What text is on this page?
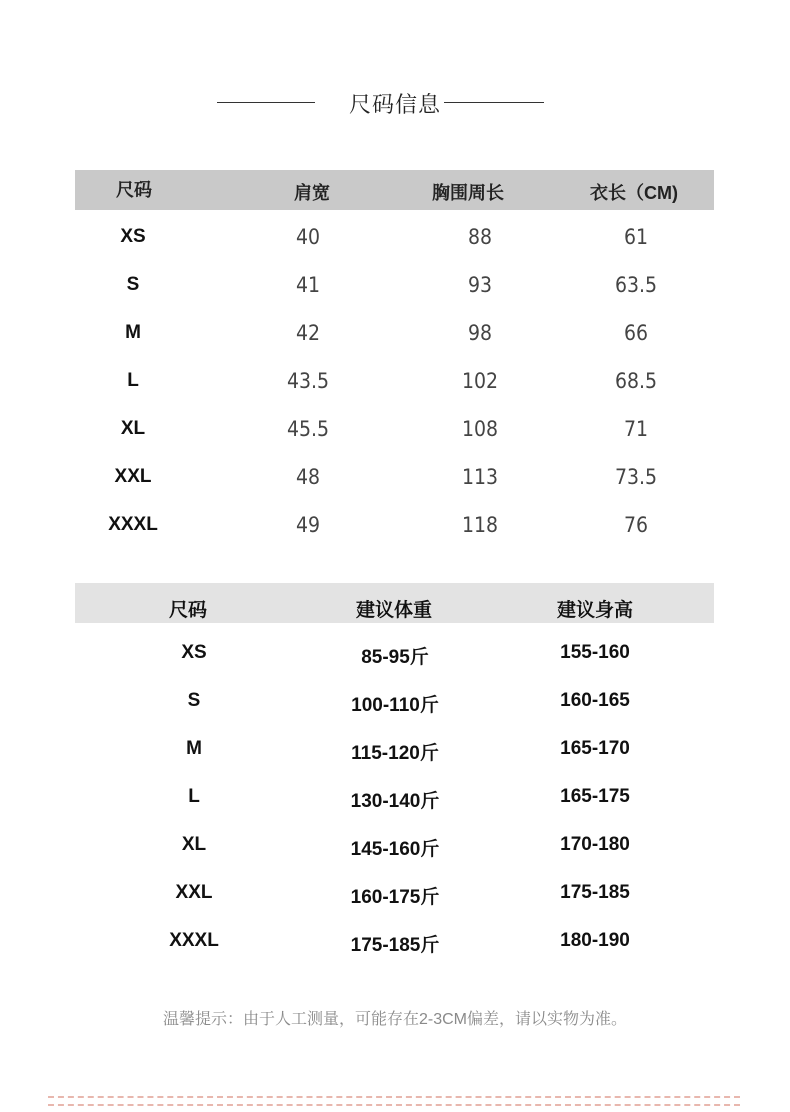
尺码信息
尺码	肩宽	胸围周长	衣长（CM)
XS	40	88	61
S	41	93	63.5
M	42	98	66
L	43.5	102	68.5
XL	45.5	108	71
XXL	48	113	73.5
XXXL	49	118	76
尺码	建议体重	建议身高
XS	85-95斤	155-160
S	100-110斤	160-165
M	115-120斤	165-170
L	130-140斤	165-175
XL	145-160斤	170-180
XXL	160-175斤	175-185
XXXL	175-185斤	180-190
温馨提示：由于人工测量，可能存在2-3CM偏差，请以实物为准。
